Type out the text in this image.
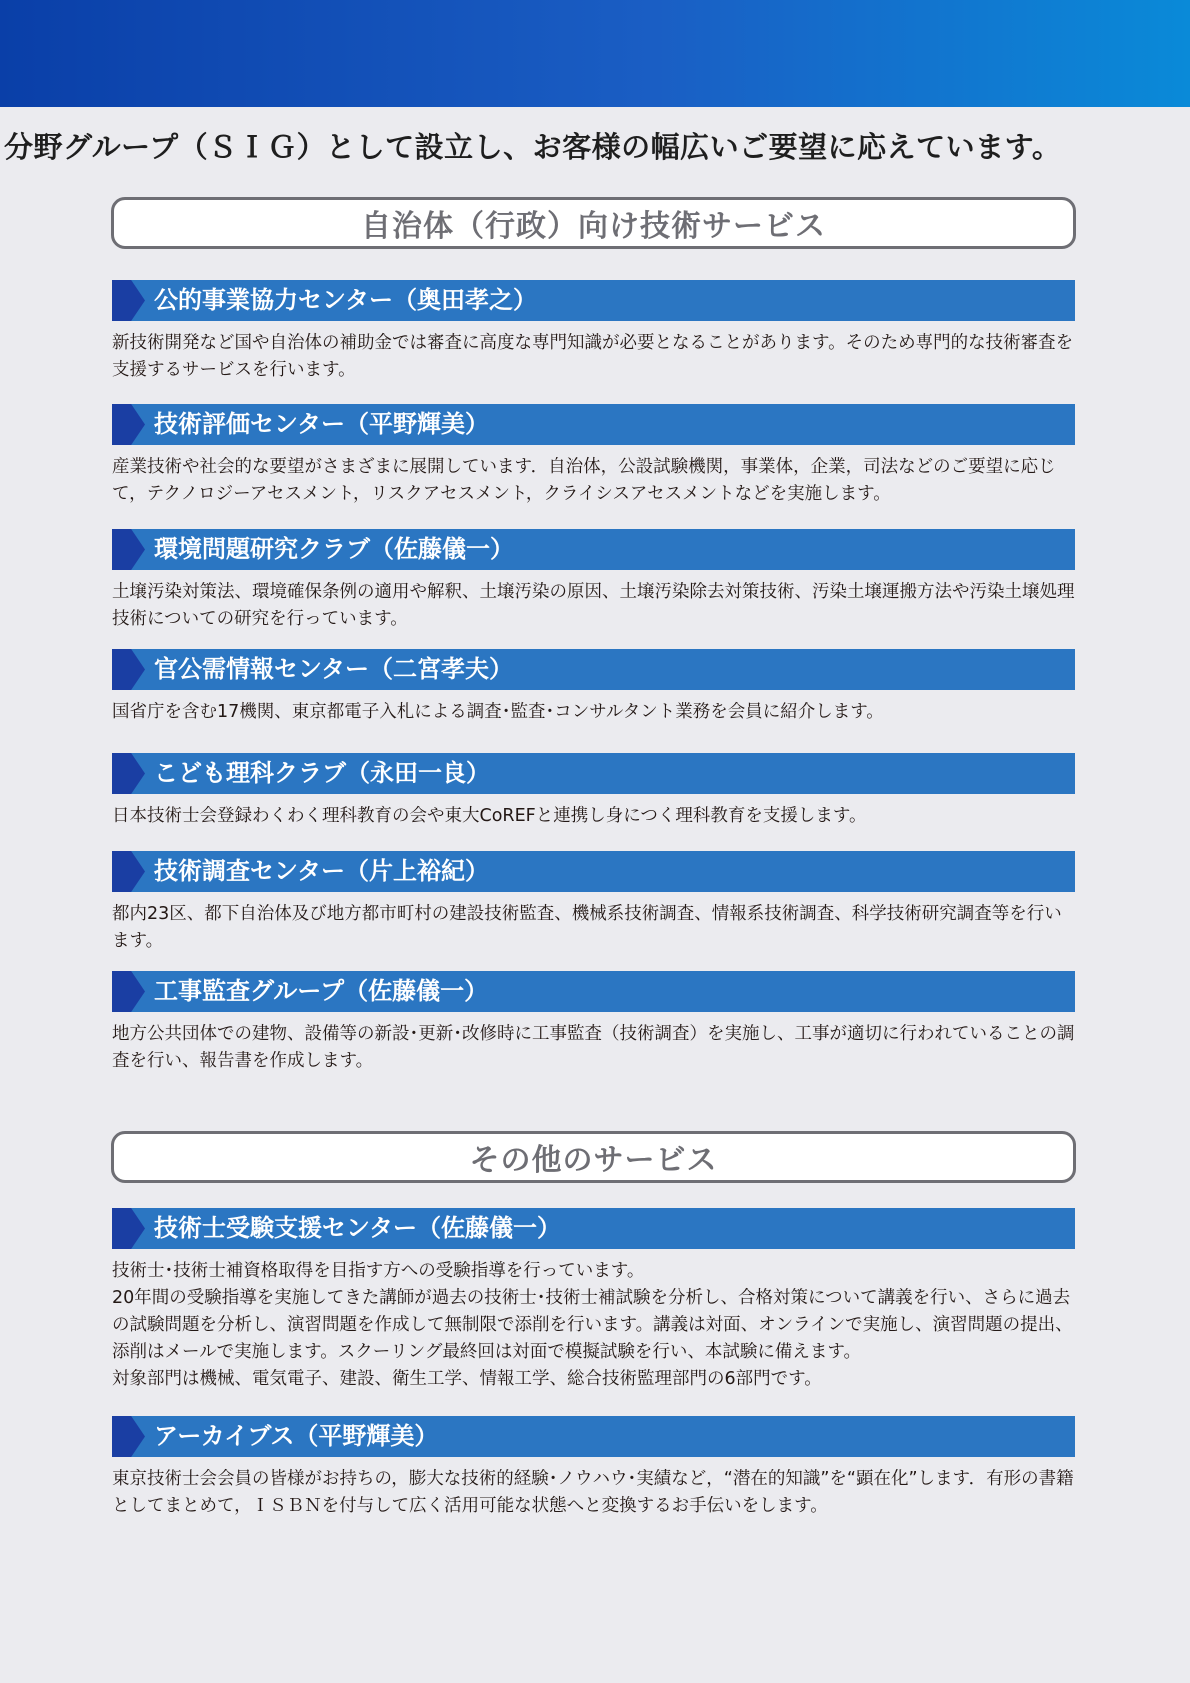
分野グループ（ＳＩＧ）として設立し、お客様の幅広いご要望に応えています。
自治体（行政）向け技術サービス
公的事業協力センター（奥田孝之）

新技術開発など国や自治体の補助金では審査に高度な専門知識が必要となることがあります。そのため専門的な技術審査を支援するサービスを行います。

技術評価センター（平野輝美）

産業技術や社会的な要望がさまざまに展開しています．自治体，公設試験機関，事業体，企業，司法などのご要望に応じて，テクノロジーアセスメント，リスクアセスメント，クライシスアセスメントなどを実施します。

環境問題研究クラブ（佐藤儀一）

土壌汚染対策法、環境確保条例の適用や解釈、土壌汚染の原因、土壌汚染除去対策技術、汚染土壌運搬方法や汚染土壌処理技術についての研究を行っています。

官公需情報センター（二宮孝夫）

国省庁を含む17機関、東京都電子入札による調査･監査･コンサルタント業務を会員に紹介します。

こども理科クラブ（永田一良）

日本技術士会登録わくわく理科教育の会や東大CoREFと連携し身につく理科教育を支援します。

技術調査センター（片上裕紀）

都内23区、都下自治体及び地方都市町村の建設技術監査、機械系技術調査、情報系技術調査、科学技術研究調査等を行います。

工事監査グループ（佐藤儀一）

地方公共団体での建物、設備等の新設･更新･改修時に工事監査（技術調査）を実施し、工事が適切に行われていることの調査を行い、報告書を作成します。

その他のサービス
技術士受験支援センター（佐藤儀一）

技術士･技術士補資格取得を目指す方への受験指導を行っています。

20年間の受験指導を実施してきた講師が過去の技術士･技術士補試験を分析し、合格対策について講義を行い、さらに過去の試験問題を分析し、演習問題を作成して無制限で添削を行います。講義は対面、オンラインで実施し、演習問題の提出、添削はメールで実施します。スクーリング最終回は対面で模擬試験を行い、本試験に備えます。

対象部門は機械、電気電子、建設、衛生工学、情報工学、総合技術監理部門の6部門です。

アーカイブス（平野輝美）

東京技術士会会員の皆様がお持ちの，膨大な技術的経験･ノウハウ･実績など，“潜在的知識”を“顕在化”します．有形の書籍としてまとめて，ＩＳＢＮを付与して広く活用可能な状態へと変換するお手伝いをします。
